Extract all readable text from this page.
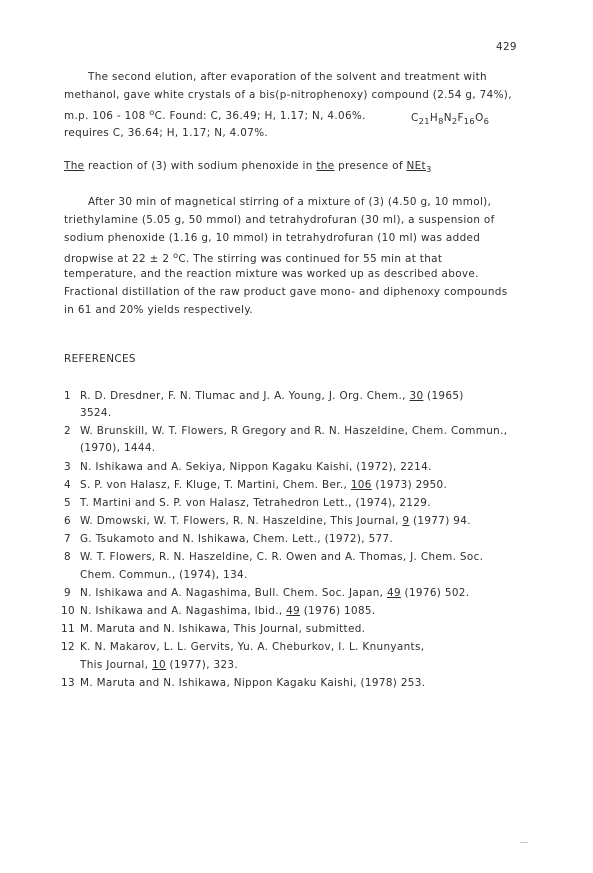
429
The second elution, after evaporation of the solvent and treatment with
methanol, gave white crystals of a bis(p-nitrophenoxy) compound (2.54 g, 74%),
m.p. 106 - 108 $^o$C. Found: C, 36.49; H, 1.17; N, 4.06%.	$C_{21}H_8N_2F_{16}O_6$
requires C, 36.64; H, 1.17; N, 4.07%.
The reaction of (3) with sodium phenoxide in the presence of NEt$_3$
After 30 min of magnetical stirring of a mixture of (3) (4.50 g, 10 mmol),
triethylamine (5.05 g, 50 mmol) and tetrahydrofuran (30 ml), a suspension of
sodium phenoxide (1.16 g, 10 mmol) in tetrahydrofuran (10 ml) was added
dropwise at 22 ± 2 $^o$C. The stirring was continued for 55 min at that
temperature, and the reaction mixture was worked up as described above.
Fractional distillation of the raw product gave mono- and diphenoxy compounds
in 61 and 20% yields respectively.
REFERENCES
1 R. D. Dresdner, F. N. Tlumac and J. A. Young, J. Org. Chem., 30 (1965)
3524.
2 W. Brunskill, W. T. Flowers, R Gregory and R. N. Haszeldine, Chem. Commun.,
(1970), 1444.
3 N. Ishikawa and A. Sekiya, Nippon Kagaku Kaishi, (1972), 2214.
4 S. P. von Halasz, F. Kluge, T. Martini, Chem. Ber., 106 (1973) 2950.
5 T. Martini and S. P. von Halasz, Tetrahedron Lett., (1974), 2129.
6 W. Dmowski, W. T. Flowers, R. N. Haszeldine, This Journal, 9 (1977) 94.
7 G. Tsukamoto and N. Ishikawa, Chem. Lett., (1972), 577.
8 W. T. Flowers, R. N. Haszeldine, C. R. Owen and A. Thomas, J. Chem. Soc.
Chem. Commun., (1974), 134.
9 N. Ishikawa and A. Nagashima, Bull. Chem. Soc. Japan, 49 (1976) 502.
10 N. Ishikawa and A. Nagashima, Ibid., 49 (1976) 1085.
11 M. Maruta and N. Ishikawa, This Journal, submitted.
12 K. N. Makarov, L. L. Gervits, Yu. A. Cheburkov, I. L. Knunyants,
This Journal, 10 (1977), 323.
13 M. Maruta and N. Ishikawa, Nippon Kagaku Kaishi, (1978) 253.
